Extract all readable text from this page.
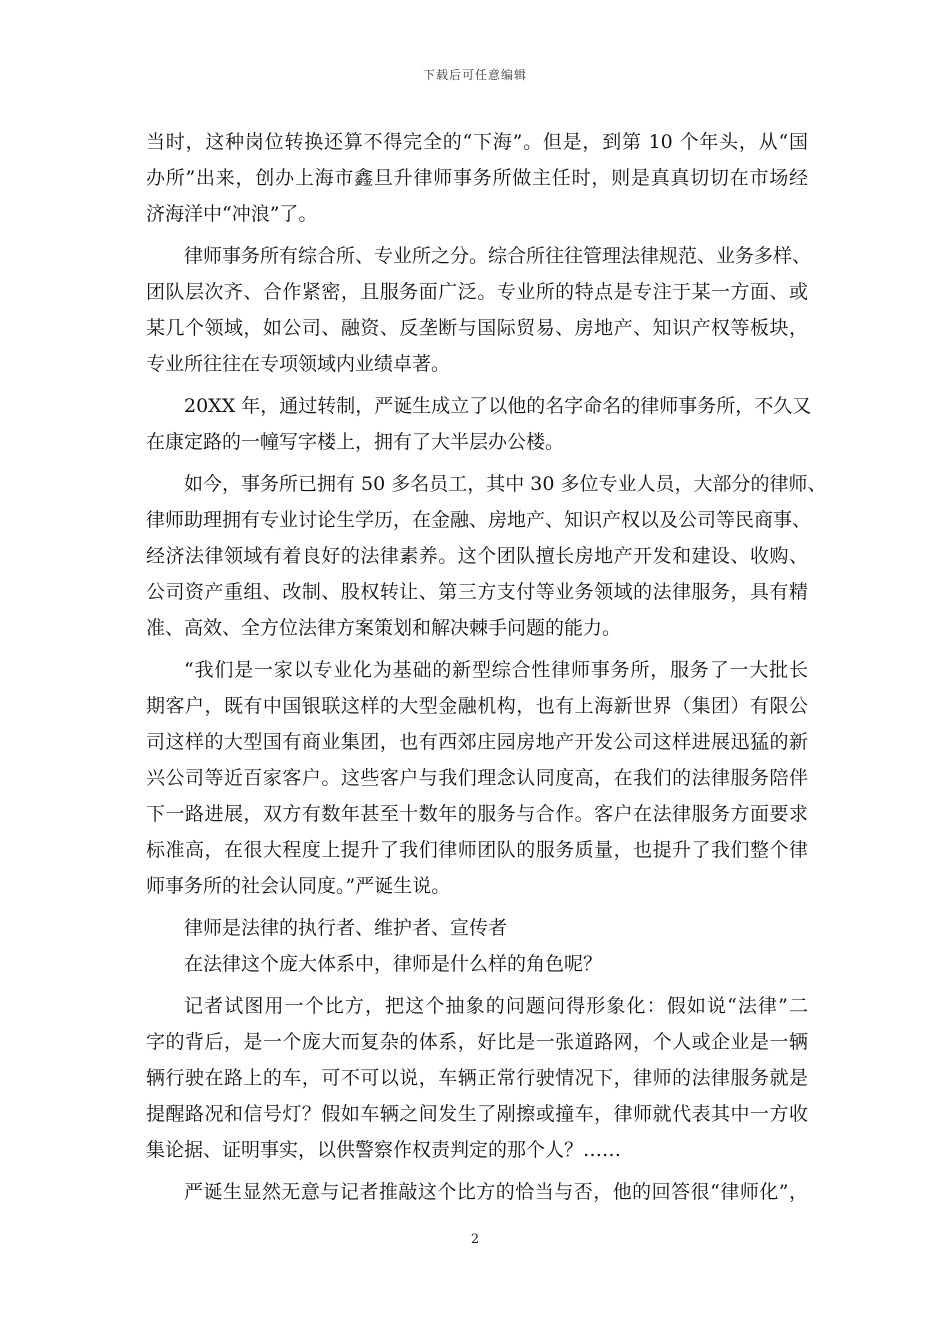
下载后可任意编辑
当时，这种岗位转换还算不得完全的“下海”。但是，到第 10 个年头，从“国
办所”出来，创办上海市鑫旦升律师事务所做主任时，则是真真切切在市场经
济海洋中“冲浪”了。
律师事务所有综合所、专业所之分。综合所往往管理法律规范、业务多样、
团队层次齐、合作紧密，且服务面广泛。专业所的特点是专注于某一方面、或
某几个领域，如公司、融资、反垄断与国际贸易、房地产、知识产权等板块，
专业所往往在专项领域内业绩卓著。
20XX 年，通过转制，严诞生成立了以他的名字命名的律师事务所，不久又
在康定路的一幢写字楼上，拥有了大半层办公楼。
如今，事务所已拥有 50 多名员工，其中 30 多位专业人员，大部分的律师、
律师助理拥有专业讨论生学历，在金融、房地产、知识产权以及公司等民商事、
经济法律领域有着良好的法律素养。这个团队擅长房地产开发和建设、收购、
公司资产重组、改制、股权转让、第三方支付等业务领域的法律服务，具有精
准、高效、全方位法律方案策划和解决棘手问题的能力。
“我们是一家以专业化为基础的新型综合性律师事务所，服务了一大批长
期客户，既有中国银联这样的大型金融机构，也有上海新世界（集团）有限公
司这样的大型国有商业集团，也有西郊庄园房地产开发公司这样进展迅猛的新
兴公司等近百家客户。这些客户与我们理念认同度高，在我们的法律服务陪伴
下一路进展，双方有数年甚至十数年的服务与合作。客户在法律服务方面要求
标准高，在很大程度上提升了我们律师团队的服务质量，也提升了我们整个律
师事务所的社会认同度。”严诞生说。
律师是法律的执行者、维护者、宣传者
在法律这个庞大体系中，律师是什么样的角色呢？
记者试图用一个比方，把这个抽象的问题问得形象化：假如说“法律”二
字的背后，是一个庞大而复杂的体系，好比是一张道路网，个人或企业是一辆
辆行驶在路上的车，可不可以说，车辆正常行驶情况下，律师的法律服务就是
提醒路况和信号灯？假如车辆之间发生了剐擦或撞车，律师就代表其中一方收
集论据、证明事实，以供警察作权责判定的那个人？……
严诞生显然无意与记者推敲这个比方的恰当与否，他的回答很“律师化”，
2
